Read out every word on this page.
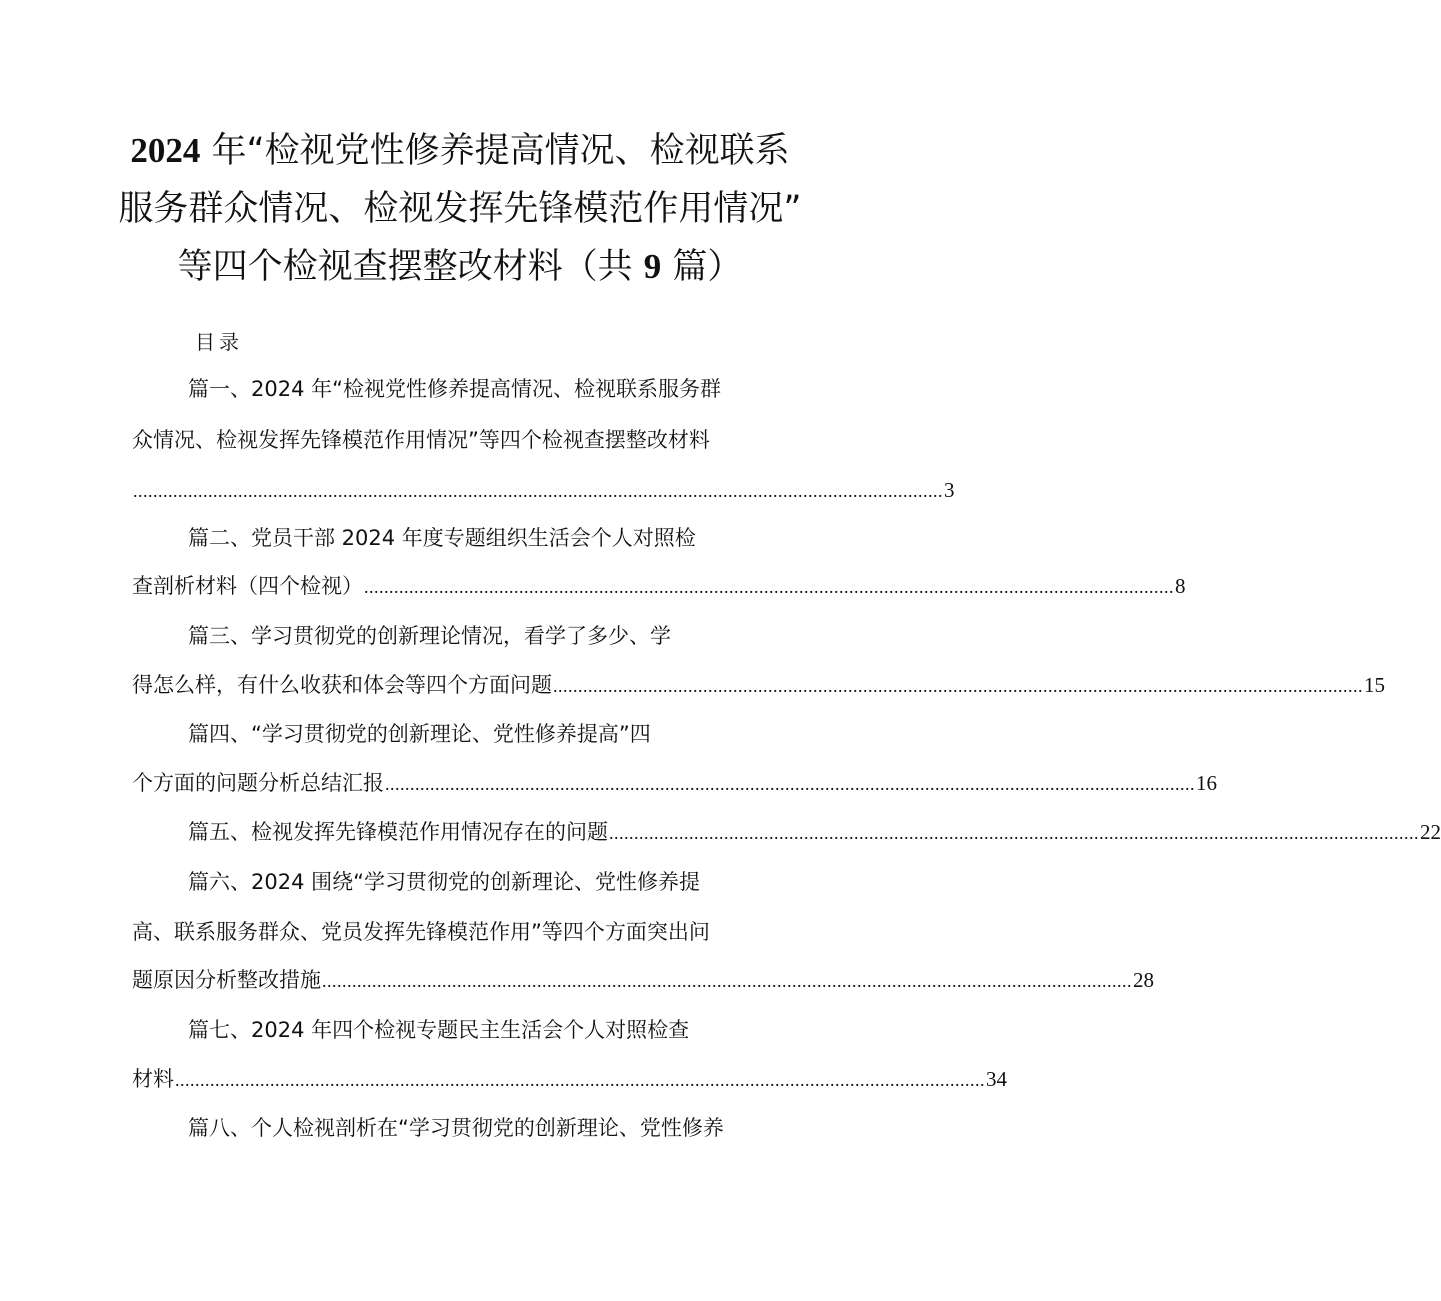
2024 年“检视党性修养提高情况、检视联系
服务群众情况、检视发挥先锋模范作用情况”
等四个检视查摆整改材料（共 9 篇）
目录
篇一、2024 年“检视党性修养提高情况、检视联系服务群
众情况、检视发挥先锋模范作用情况”等四个检视查摆整改材料
.................................................................................................................................................................. 3
篇二、党员干部 2024 年度专题组织生活会个人对照检
查剖析材料（四个检视） .................................................................................................................................................................. 8
篇三、学习贯彻党的创新理论情况，看学了多少、学
得怎么样，有什么收获和体会等四个方面问题 .................................................................................................................................................................. 15
篇四、“学习贯彻党的创新理论、党性修养提高”四
个方面的问题分析总结汇报 .................................................................................................................................................................. 16
篇五、检视发挥先锋模范作用情况存在的问题 .................................................................................................................................................................. 22
篇六、2024 围绕“学习贯彻党的创新理论、党性修养提
高、联系服务群众、党员发挥先锋模范作用”等四个方面突出问
题原因分析整改措施 .................................................................................................................................................................. 28
篇七、2024 年四个检视专题民主生活会个人对照检查
材料 .................................................................................................................................................................. 34
篇八、个人检视剖析在“学习贯彻党的创新理论、党性修养
